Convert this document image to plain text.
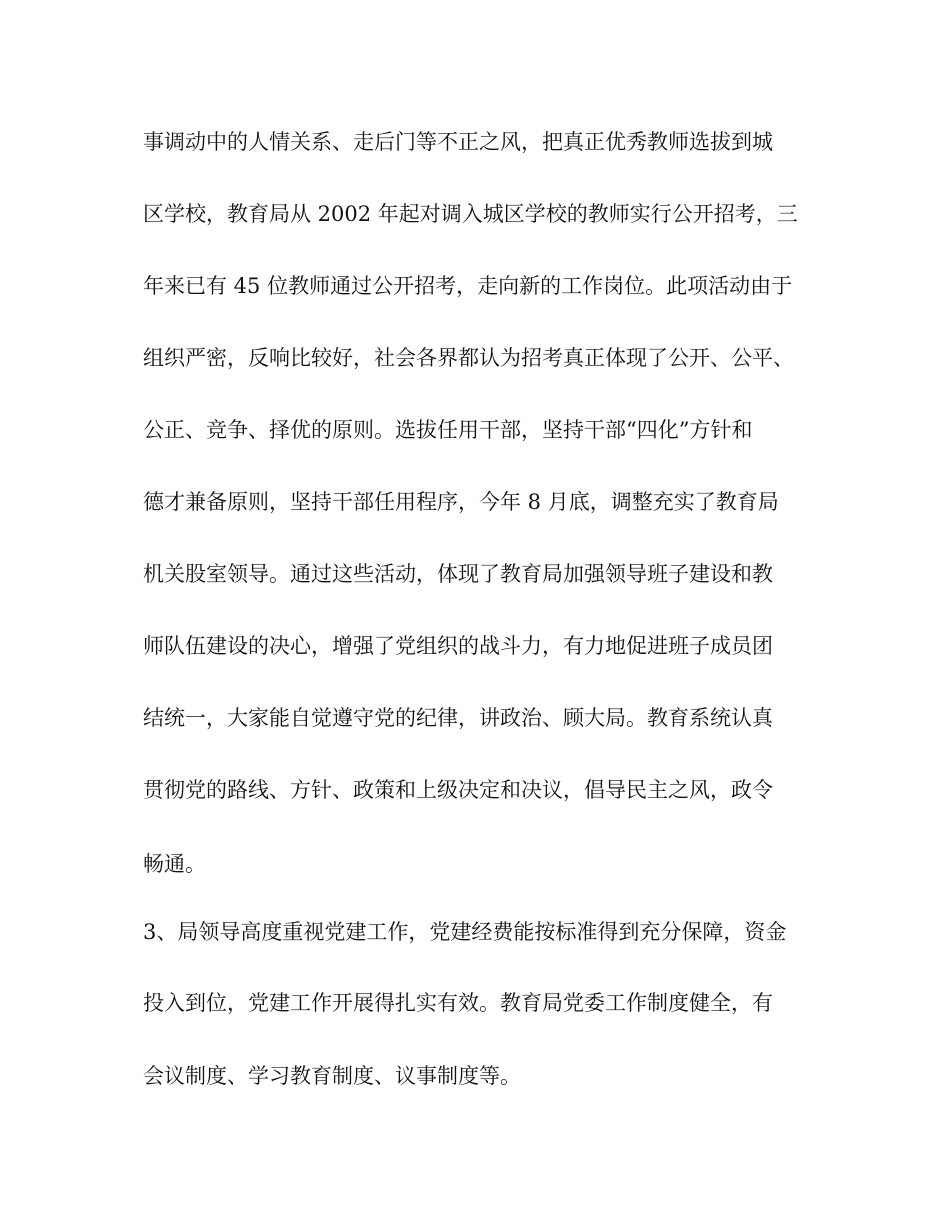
事调动中的人情关系、走后门等不正之风，把真正优秀教师选拔到城
区学校，教育局从 2002 年起对调入城区学校的教师实行公开招考，三
年来已有 45 位教师通过公开招考，走向新的工作岗位。此项活动由于
组织严密，反响比较好，社会各界都认为招考真正体现了公开、公平、
公正、竞争、择优的原则。选拔任用干部，坚持干部“四化”方针和
德才兼备原则，坚持干部任用程序，今年 8 月底，调整充实了教育局
机关股室领导。通过这些活动，体现了教育局加强领导班子建设和教
师队伍建设的决心，增强了党组织的战斗力，有力地促进班子成员团
结统一，大家能自觉遵守党的纪律，讲政治、顾大局。教育系统认真
贯彻党的路线、方针、政策和上级决定和决议，倡导民主之风，政令
畅通。
3、局领导高度重视党建工作，党建经费能按标准得到充分保障，资金
投入到位，党建工作开展得扎实有效。教育局党委工作制度健全，有
会议制度、学习教育制度、议事制度等。
